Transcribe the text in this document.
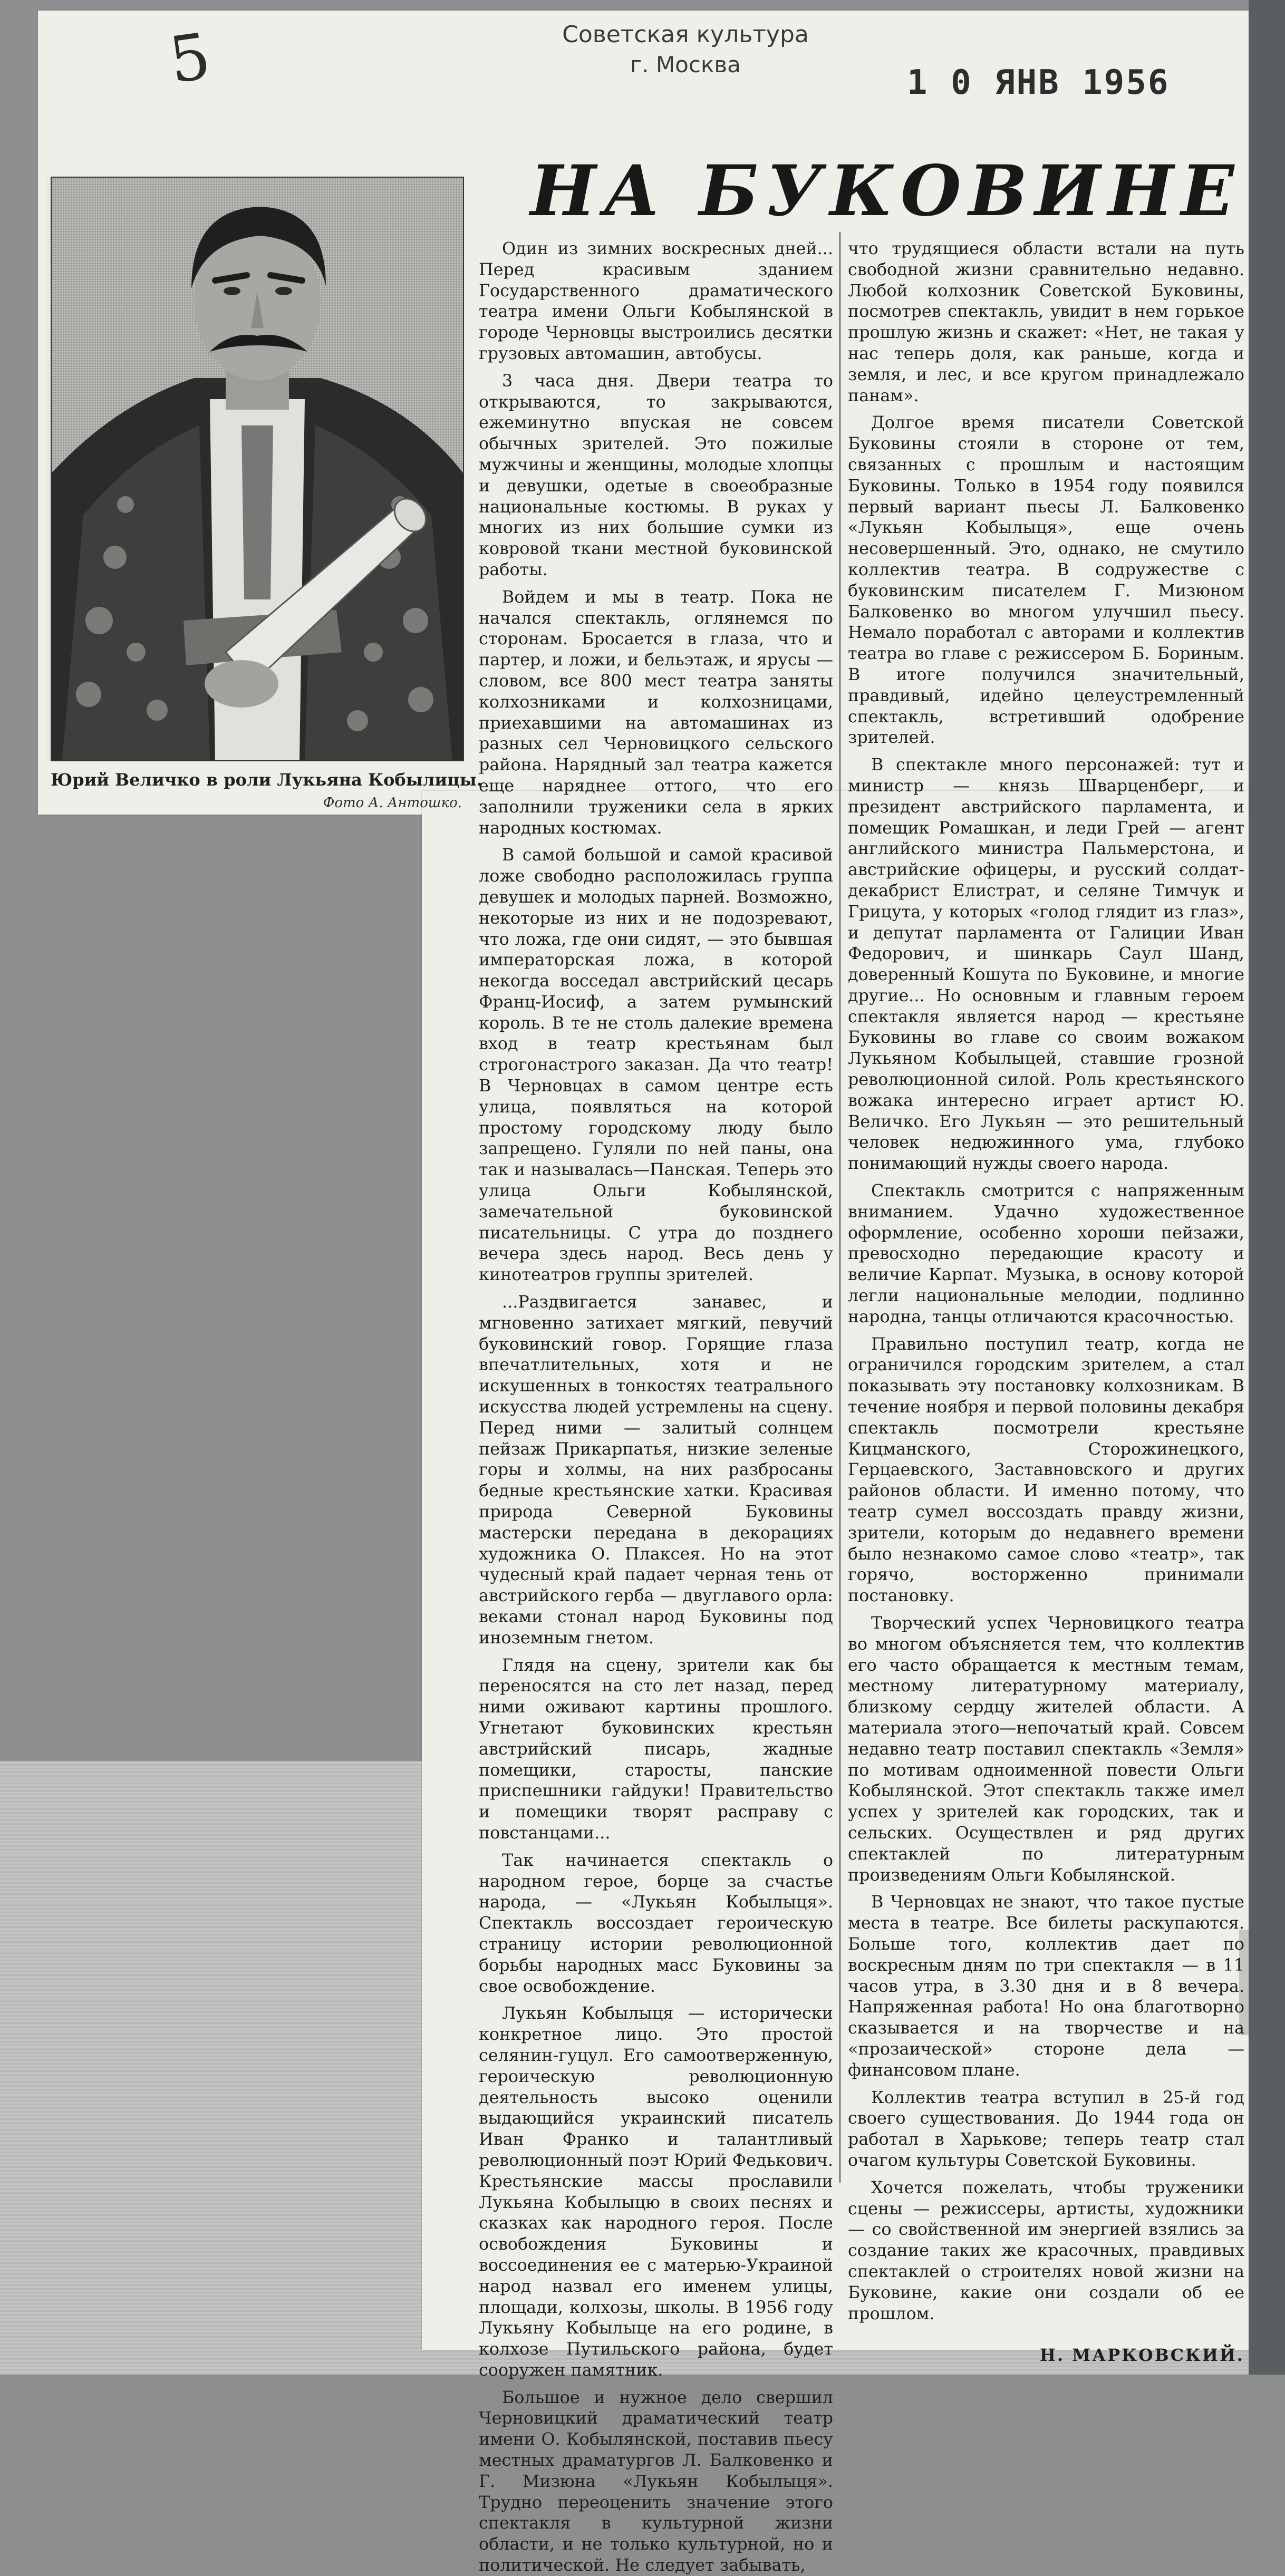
5	Советская культура
г. Москва	1 0 ЯНВ 1956
НА БУКОВИНЕ
Юрий Величко в роли Лукьяна Кобылицы.
Фото А. Антошко.

Один из зимних воскресных дней... Перед красивым зданием Государственного драматического театра имени Ольги Кобылянской в городе Черновцы выстроились десятки грузовых автомашин, автобусы.

3 часа дня. Двери театра то открываются, то закрываются, ежеминутно впуская не совсем обычных зрителей. Это пожилые мужчины и женщины, молодые хлопцы и девушки, одетые в своеобразные национальные костюмы. В руках у многих из них большие сумки из ковровой ткани местной буковинской работы.

Войдем и мы в театр. Пока не начался спектакль, оглянемся по сторонам. Бросается в глаза, что и партер, и ложи, и бельэтаж, и ярусы —словом, все 800 мест театра заняты колхозниками и колхозницами, приехавшими на автомашинах из разных сел Черновицкого сельского района. Нарядный зал театра кажется еще наряднее оттого, что его заполнили труженики села в ярких народных костюмах.

В самой большой и самой красивой ложе свободно расположилась группа девушек и молодых парней. Возможно, некоторые из них и не подозревают, что ложа, где они сидят, — это бывшая императорская ложа, в которой некогда восседал австрийский цесарь Франц-Иосиф, а затем румынский король. В те не столь далекие времена вход в театр крестьянам был строгонастрого заказан. Да что театр! В Черновцах в самом центре есть улица, появляться на которой простому городскому люду было запрещено. Гуляли по ней паны, она так и называлась—Панская. Теперь это улица Ольги Кобылянской, замечательной буковинской писательницы. С утра до позднего вечера здесь народ. Весь день у кинотеатров группы зрителей.

...Раздвигается занавес, и мгновенно затихает мягкий, певучий буковинский говор. Горящие глаза впечатлительных, хотя и не искушенных в тонкостях театрального искусства людей устремлены на сцену. Перед ними — залитый солнцем пейзаж Прикарпатья, низкие зеленые горы и холмы, на них разбросаны бедные крестьянские хатки. Красивая природа Северной Буковины мастерски передана в декорациях художника О. Плаксея. Но на этот чудесный край падает черная тень от австрийского герба — двуглавого орла: веками стонал народ Буковины под иноземным гнетом.

Глядя на сцену, зрители как бы переносятся на сто лет назад, перед ними оживают картины прошлого. Угнетают буковинских крестьян австрийский писарь, жадные помещики, старосты, панские приспешники гайдуки! Правительство и помещики творят расправу с повстанцами...

Так начинается спектакль о народном герое, борце за счастье народа, — «Лукьян Кобылыця». Спектакль воссоздает героическую страницу истории революционной борьбы народных масс Буковины за свое освобождение.

Лукьян Кобылыця — исторически конкретное лицо. Это простой селянин-гуцул. Его самоотверженную, героическую революционную деятельность высоко оценили выдающийся украинский писатель Иван Франко и талантливый революционный поэт Юрий Федькович. Крестьянские массы прославили Лукьяна Кобылыцю в своих песнях и сказках как народного героя. После освобождения Буковины и воссоединения ее с матерью-Украиной народ назвал его именем улицы, площади, колхозы, школы. В 1956 году Лукьяну Кобылыце на его родине, в колхозе Путильского района, будет сооружен памятник.

Большое и нужное дело свершил Черновицкий драматический театр имени О. Кобылянской, поставив пьесу местных драматургов Л. Балковенко и Г. Мизюна «Лукьян Кобылыця». Трудно переоценить значение этого спектакля в культурной жизни области, и не только культурной, но и политической. Не следует забывать,

что трудящиеся области встали на путь свободной жизни сравнительно недавно. Любой колхозник Советской Буковины, посмотрев спектакль, увидит в нем горькое прошлую жизнь и скажет: «Нет, не такая у нас теперь доля, как раньше, когда и земля, и лес, и все кругом принадлежало панам».

Долгое время писатели Советской Буковины стояли в стороне от тем, связанных с прошлым и настоящим Буковины. Только в 1954 году появился первый вариант пьесы Л. Балковенко «Лукьян Кобылыця», еще очень несовершенный. Это, однако, не смутило коллектив театра. В содружестве с буковинским писателем Г. Мизюном Балковенко во многом улучшил пьесу. Немало поработал с авторами и коллектив театра во главе с режиссером Б. Бориным. В итоге получился значительный, правдивый, идейно целеустремленный спектакль, встретивший одобрение зрителей.

В спектакле много персонажей: тут и министр — князь Шварценберг, и президент австрийского парламента, и помещик Ромашкан, и леди Грей — агент английского министра Пальмерстона, и австрийские офицеры, и русский солдат-декабрист Елистрат, и селяне Тимчук и Грицута, у которых «голод глядит из глаз», и депутат парламента от Галиции Иван Федорович, и шинкарь Саул Шанд, доверенный Кошута по Буковине, и многие другие... Но основным и главным героем спектакля является народ — крестьяне Буковины во главе со своим вожаком Лукьяном Кобылыцей, ставшие грозной революционной силой. Роль крестьянского вожака интересно играет артист Ю. Величко. Его Лукьян — это решительный человек недюжинного ума, глубоко понимающий нужды своего народа.

Спектакль смотрится с напряженным вниманием. Удачно художественное оформление, особенно хороши пейзажи, превосходно передающие красоту и величие Карпат. Музыка, в основу которой легли национальные мелодии, подлинно народна, танцы отличаются красочностью.

Правильно поступил театр, когда не ограничился городским зрителем, а стал показывать эту постановку колхозникам. В течение ноября и первой половины декабря спектакль посмотрели крестьяне Кицманского, Сторожинецкого, Герцаевского, Заставновского и других районов области. И именно потому, что театр сумел воссоздать правду жизни, зрители, которым до недавнего времени было незнакомо самое слово «театр», так горячо, восторженно принимали постановку.

Творческий успех Черновицкого театра во многом объясняется тем, что коллектив его часто обращается к местным темам, местному литературному материалу, близкому сердцу жителей области. А материала этого—непочатый край. Совсем недавно театр поставил спектакль «Земля» по мотивам одноименной повести Ольги Кобылянской. Этот спектакль также имел успех у зрителей как городских, так и сельских. Осуществлен и ряд других спектаклей по литературным произведениям Ольги Кобылянской.

В Черновцах не знают, что такое пустые места в театре. Все билеты раскупаются. Больше того, коллектив дает по воскресным дням по три спектакля — в 11 часов утра, в 3.30 дня и в 8 вечера. Напряженная работа! Но она благотворно сказывается и на творчестве и на «прозаической» стороне дела — финансовом плане.

Коллектив театра вступил в 25-й год своего существования. До 1944 года он работал в Харькове; теперь театр стал очагом культуры Советской Буковины.

Хочется пожелать, чтобы труженики сцены — режиссеры, артисты, художники — со свойственной им энергией взялись за создание таких же красочных, правдивых спектаклей о строителях новой жизни на Буковине, какие они создали об ее прошлом.

Н. МАРКОВСКИЙ.
